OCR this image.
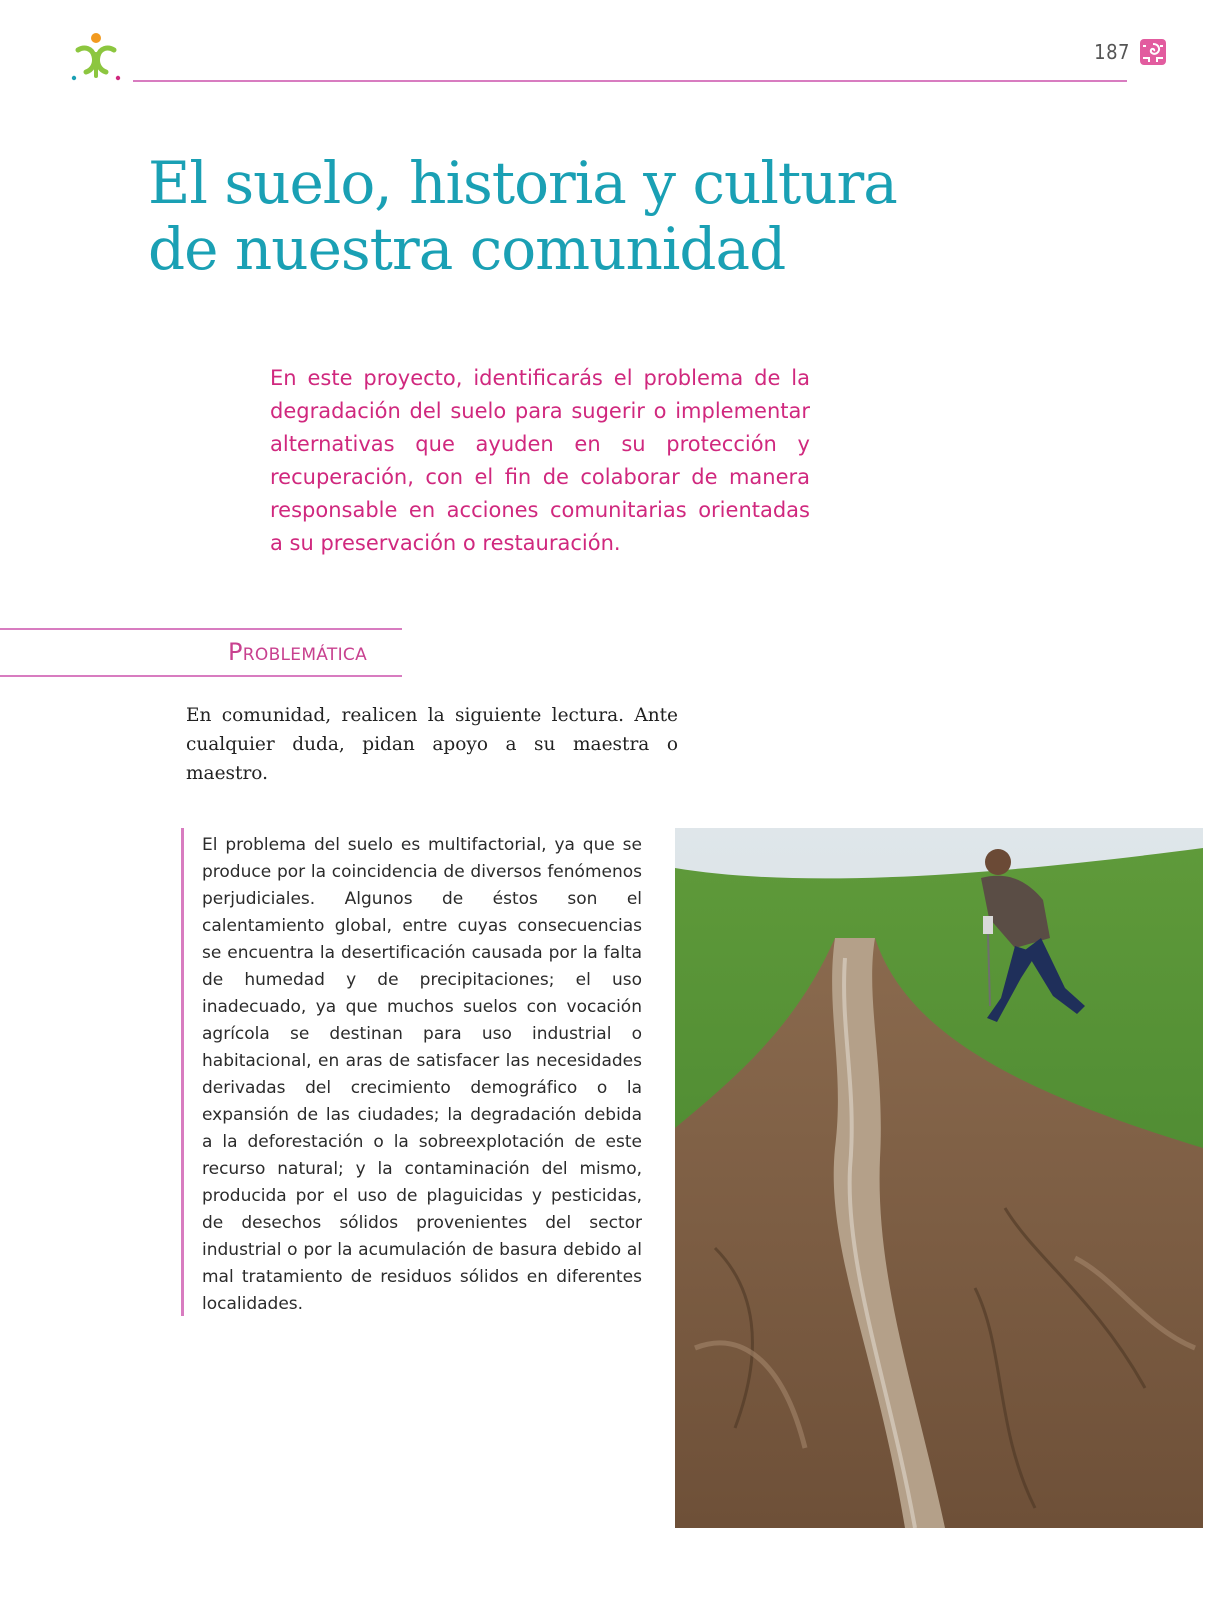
187
El suelo, historia y cultura
de nuestra comunidad

En este proyecto, identificarás el problema de la degradación del suelo para sugerir o implementar alternativas que ayuden en su protección y recuperación, con el fin de colaborar de manera responsable en acciones comunitarias orientadas a su preservación o restauración.

Problemática

En comunidad, realicen la siguiente lectura. Ante cualquier duda, pidan apoyo a su maestra o maestro.

El problema del suelo es multifactorial, ya que se produce por la coincidencia de diversos fenómenos perjudiciales. Algunos de éstos son el calentamiento global, entre cuyas consecuencias se encuentra la desertificación causada por la falta de humedad y de precipitaciones; el uso inadecuado, ya que muchos suelos con vocación agrícola se destinan para uso industrial o habitacional, en aras de satisfacer las necesidades derivadas del crecimiento demográfico o la expansión de las ciudades; la degradación debida a la deforestación o la sobreexplotación de este recurso natural; y la contaminación del mismo, producida por el uso de plaguicidas y pesticidas, de desechos sólidos provenientes del sector industrial o por la acumulación de basura debido al mal tratamiento de residuos sólidos en diferentes localidades.
